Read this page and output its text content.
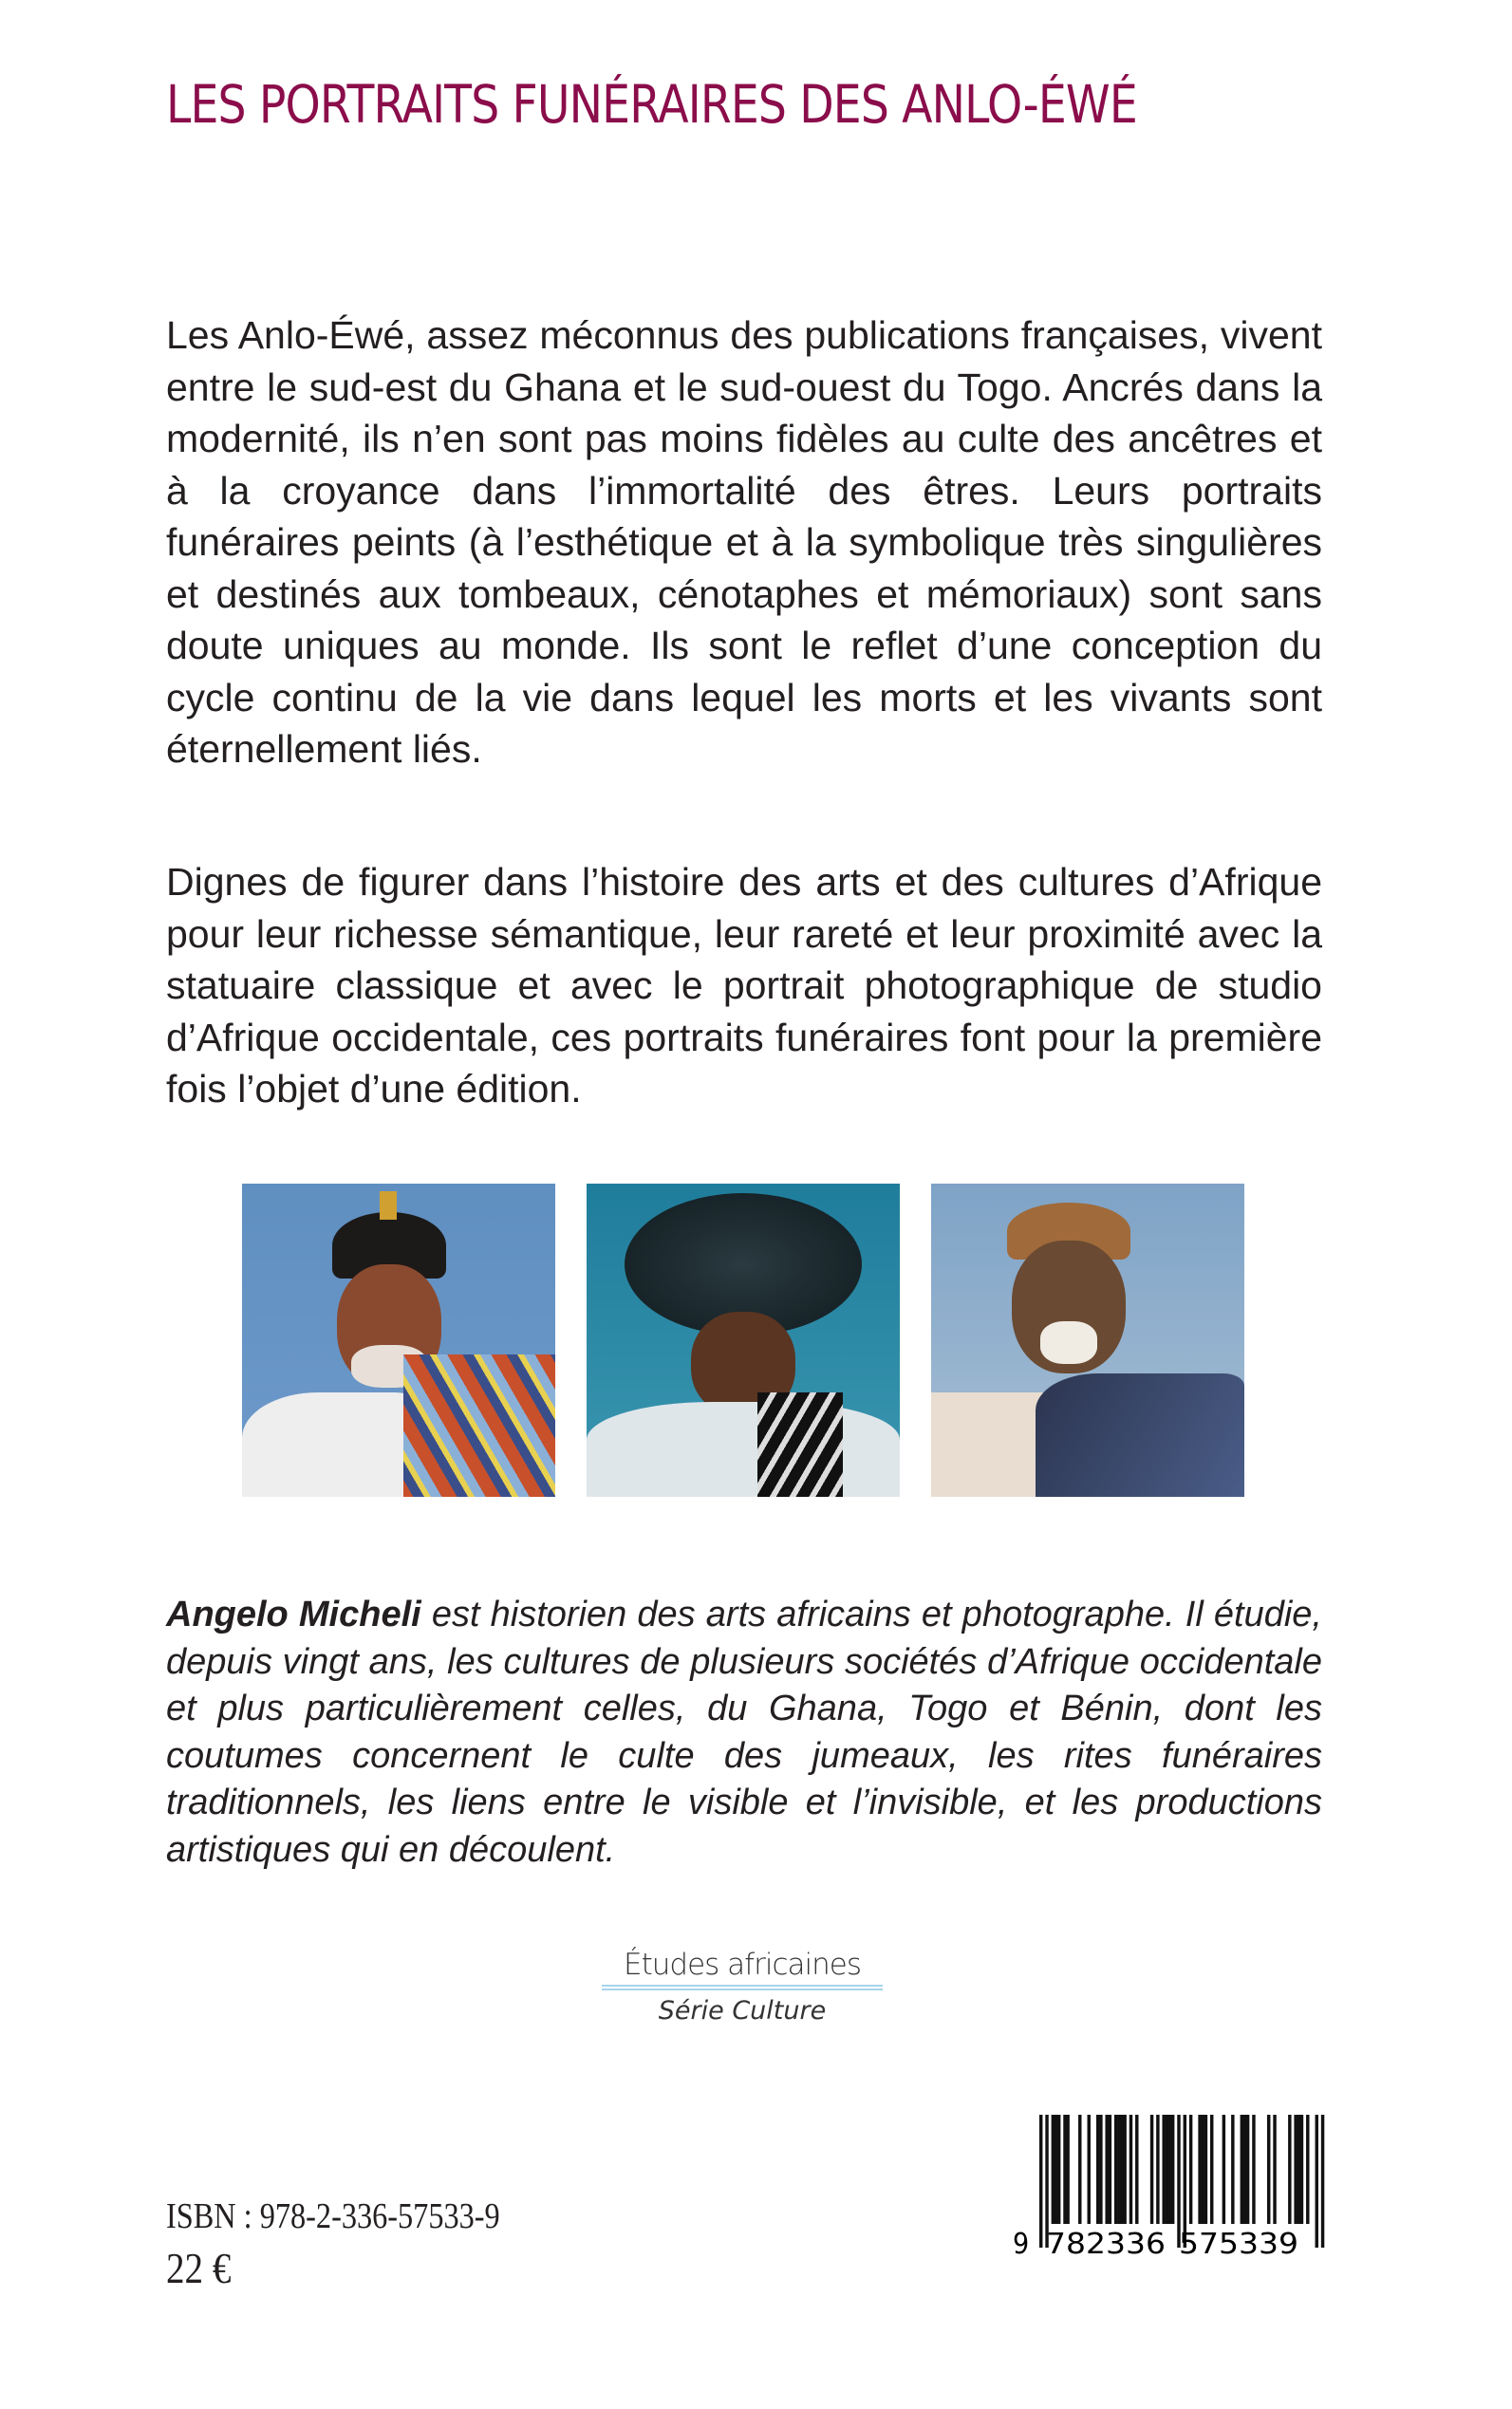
LES PORTRAITS FUNÉRAIRES DES ANLO-ÉWÉ

Les Anlo-Éwé, assez méconnus des publications françaises, vivent entre le sud-est du Ghana et le sud-ouest du Togo. Ancrés dans la modernité, ils n’en sont pas moins fidèles au culte des ancêtres et à la croyance dans l’immortalité des êtres. Leurs portraits funéraires peints (à l’esthétique et à la symbolique très singulières et destinés aux tombeaux, cénotaphes et mémoriaux) sont sans doute uniques au monde. Ils sont le reflet d’une conception du cycle continu de la vie dans lequel les morts et les vivants sont éternellement liés.

Dignes de figurer dans l’histoire des arts et des cultures d’Afrique pour leur richesse sémantique, leur rareté et leur proximité avec la statuaire classique et avec le portrait photographique de studio d’Afrique occidentale, ces portraits funéraires font pour la première fois l’objet d’une édition.

Angelo Micheli est historien des arts africains et photographe. Il étudie, depuis vingt ans, les cultures de plusieurs sociétés d’Afrique occidentale et plus particulièrement celles, du Ghana, Togo et Bénin, dont les coutumes concernent le culte des jumeaux, les rites funéraires traditionnels, les liens entre le visible et l’invisible, et les productions artistiques qui en découlent.

Études africaines
Série Culture
ISBN : 978-2-336-57533-9
22 €	9 782336 575339
